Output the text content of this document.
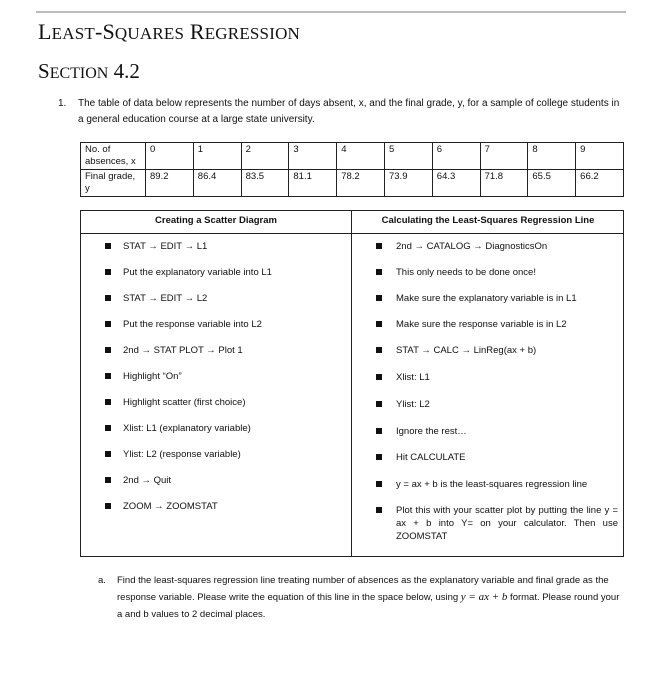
LEAST-SQUARES REGRESSION
SECTION 4.2
1. The table of data below represents the number of days absent, x, and the final grade, y, for a sample of college students in a general education course at a large state university.
No. of absences, x	0	1	2	3	4	5	6	7	8	9
Final grade, y	89.2	86.4	83.5	81.1	78.2	73.9	64.3	71.8	65.5	66.2
Creating a Scatter Diagram	Calculating the Least-Squares Regression Line
STAT → EDIT → L1
Put the explanatory variable into L1
STAT → EDIT → L2
Put the response variable into L2
2nd → STAT PLOT → Plot 1
Highlight “On”
Highlight scatter (first choice)
Xlist: L1 (explanatory variable)
Ylist: L2 (response variable)
2nd → Quit
ZOOM → ZOOMSTAT
2nd → CATALOG → DiagnosticsOn
This only needs to be done once!
Make sure the explanatory variable is in L1
Make sure the response variable is in L2
STAT → CALC → LinReg(ax + b)
Xlist: L1
Ylist: L2
Ignore the rest…
Hit CALCULATE
y = ax + b is the least-squares regression line
Plot this with your scatter plot by putting the line y = ax + b into Y= on your calculator. Then use ZOOMSTAT
a. Find the least-squares regression line treating number of absences as the explanatory variable and final grade as the response variable. Please write the equation of this line in the space below, using y = ax + b format. Please round your a and b values to 2 decimal places.
